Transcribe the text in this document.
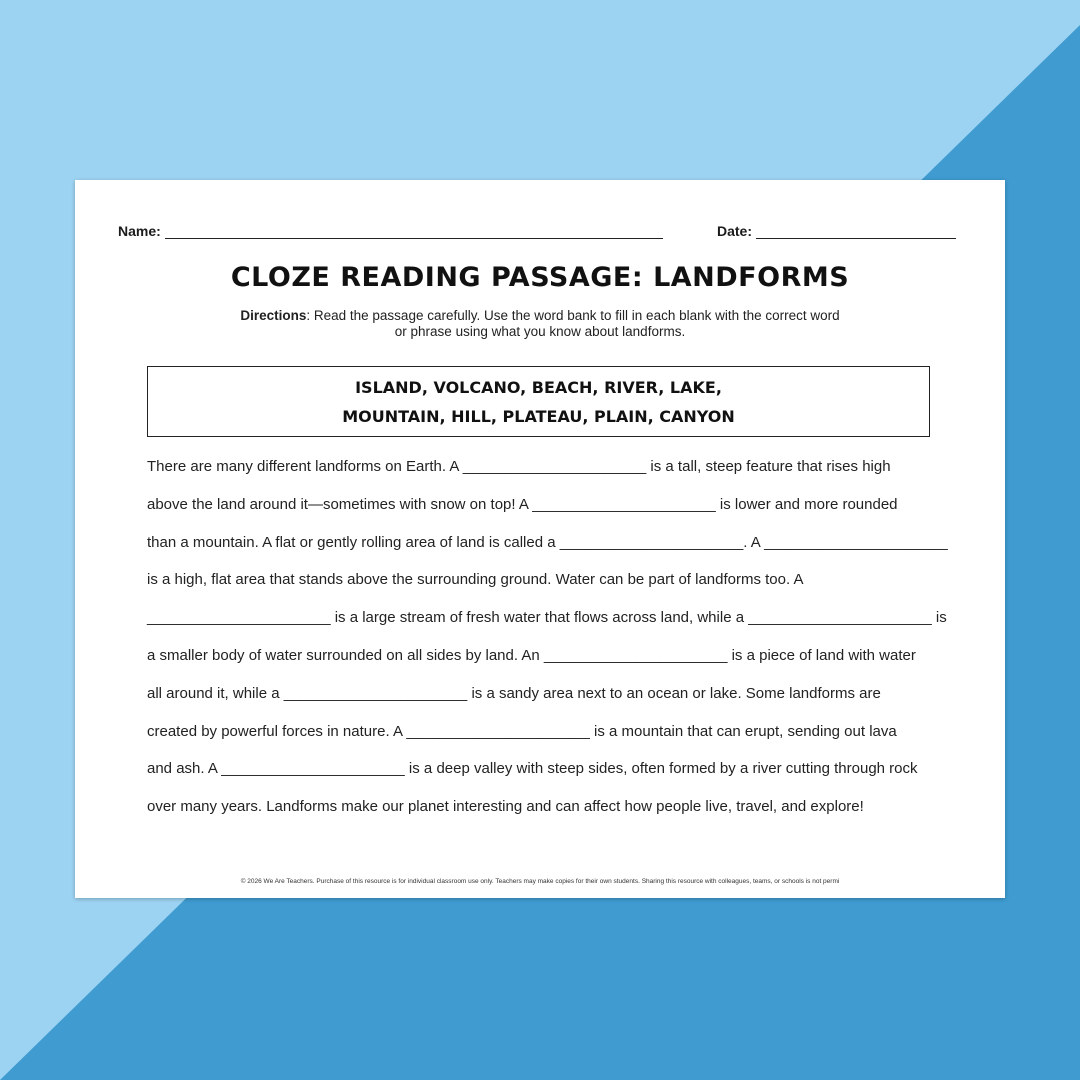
Name:	Date:
CLOZE READING PASSAGE: LANDFORMS
Directions: Read the passage carefully. Use the word bank to fill in each blank with the correct word
or phrase using what you know about landforms.
ISLAND, VOLCANO, BEACH, RIVER, LAKE,
MOUNTAIN, HILL, PLATEAU, PLAIN, CANYON
There are many different landforms on Earth. A ______________________ is a tall, steep feature that rises high
above the land around it—sometimes with snow on top! A ______________________ is lower and more rounded
than a mountain. A flat or gently rolling area of land is called a ______________________. A ______________________
is a high, flat area that stands above the surrounding ground. Water can be part of landforms too. A
______________________ is a large stream of fresh water that flows across land, while a ______________________ is
a smaller body of water surrounded on all sides by land. An ______________________ is a piece of land with water
all around it, while a ______________________ is a sandy area next to an ocean or lake. Some landforms are
created by powerful forces in nature. A ______________________ is a mountain that can erupt, sending out lava
and ash. A ______________________ is a deep valley with steep sides, often formed by a river cutting through rock
over many years. Landforms make our planet interesting and can affect how people live, travel, and explore!
© 2026 We Are Teachers. Purchase of this resource is for individual classroom use only. Teachers may make copies for their own students. Sharing this resource with colleagues, teams, or schools is not permi
